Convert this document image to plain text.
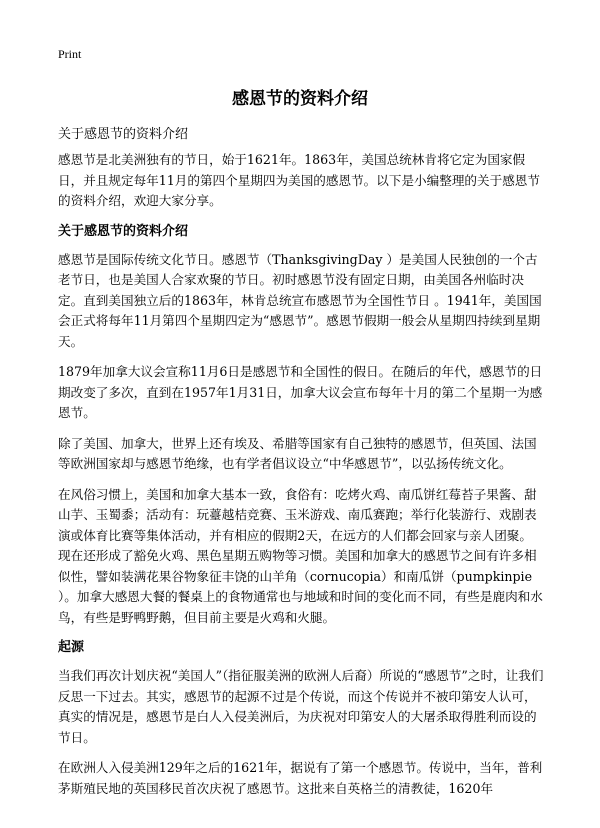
Print
感恩节的资料介绍

关于感恩节的资料介绍

感恩节是北美洲独有的节日，始于1621年。1863年，美国总统林肯将它定为国家假日，并且规定每年11月的第四个星期四为美国的感恩节。以下是小编整理的关于感恩节的资料介绍，欢迎大家分享。

关于感恩节的资料介绍

感恩节是国际传统文化节日。感恩节（ThanksgivingDay ）是美国人民独创的一个古老节日，也是美国人合家欢聚的节日。初时感恩节没有固定日期，由美国各州临时决定。直到美国独立后的1863年，林肯总统宣布感恩节为全国性节日 。1941年，美国国会正式将每年11月第四个星期四定为“感恩节”。感恩节假期一般会从星期四持续到星期天。

1879年加拿大议会宣称11月6日是感恩节和全国性的假日。在随后的年代，感恩节的日期改变了多次，直到在1957年1月31日，加拿大议会宣布每年十月的第二个星期一为感恩节。

除了美国、加拿大，世界上还有埃及、希腊等国家有自己独特的感恩节，但英国、法国等欧洲国家却与感恩节绝缘，也有学者倡议设立“中华感恩节”，以弘扬传统文化。

在风俗习惯上，美国和加拿大基本一致，食俗有：吃烤火鸡、南瓜饼红莓苔子果酱、甜山芋、玉蜀黍；活动有：玩薹越桔竞赛、玉米游戏、南瓜赛跑；举行化装游行、戏剧表演或体育比赛等集体活动，并有相应的假期2天，在远方的人们都会回家与亲人团聚。现在还形成了豁免火鸡、黑色星期五购物等习惯。美国和加拿大的感恩节之间有许多相似性，譬如装满花果谷物象征丰饶的山羊角（cornucopia）和南瓜饼（pumpkinpie ）。加拿大感恩大餐的餐桌上的食物通常也与地域和时间的变化而不同，有些是鹿肉和水鸟，有些是野鸭野鹅，但目前主要是火鸡和火腿。

起源

当我们再次计划庆祝“美国人”（指征服美洲的欧洲人后裔）所说的“感恩节”之时，让我们反思一下过去。其实，感恩节的起源不过是个传说，而这个传说并不被印第安人认可，真实的情况是，感恩节是白人入侵美洲后，为庆祝对印第安人的大屠杀取得胜利而设的节日。

在欧洲人入侵美洲129年之后的1621年，据说有了第一个感恩节。传说中，当年，普利茅斯殖民地的英国移民首次庆祝了感恩节。这批来自英格兰的清教徒，1620年
